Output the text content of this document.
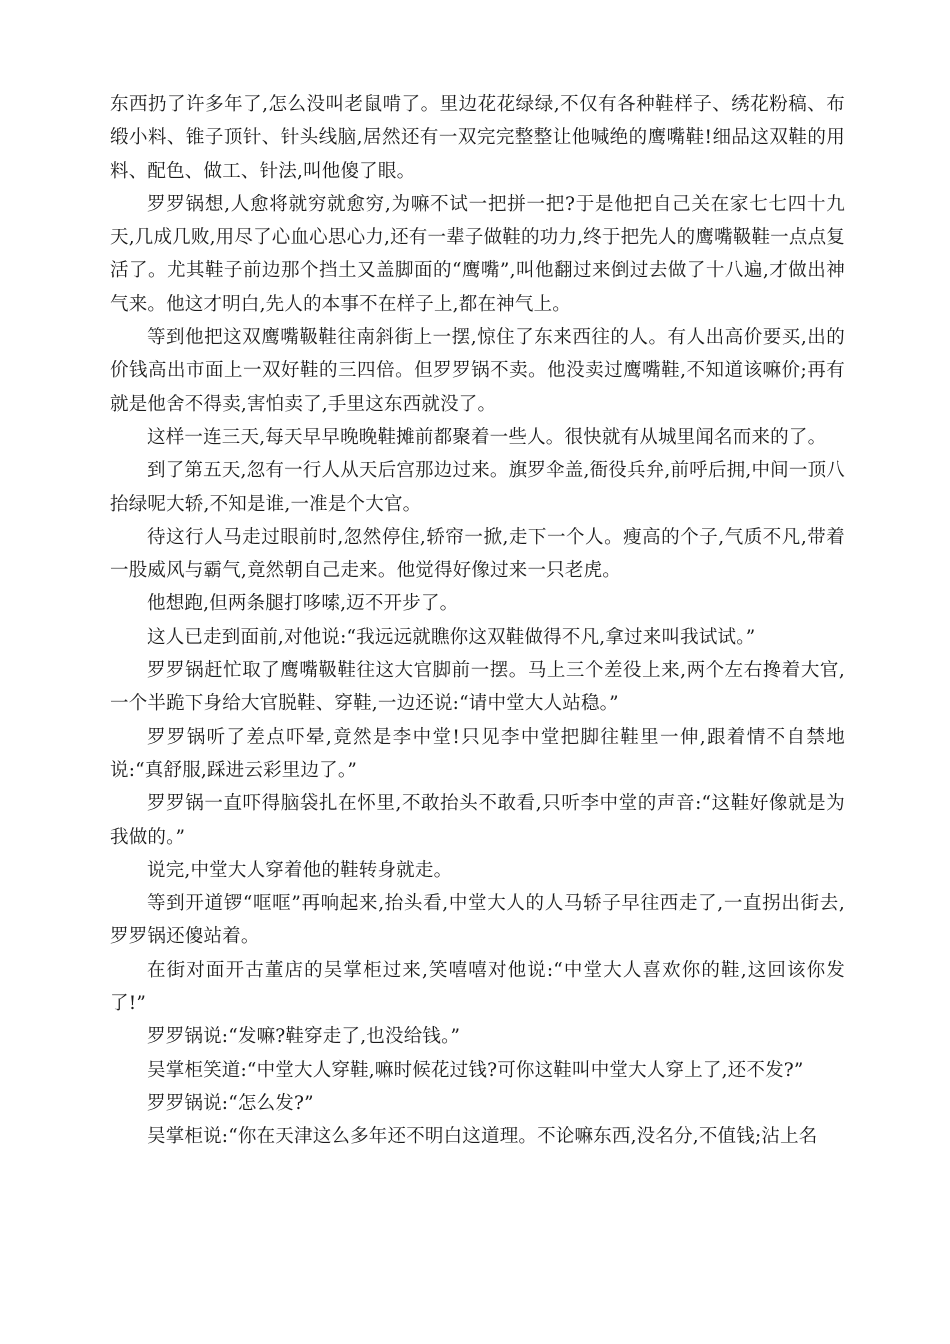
东西扔了许多年了,怎么没叫老鼠啃了。里边花花绿绿,不仅有各种鞋样子、绣花粉稿、布缎小料、锥子顶针、针头线脑,居然还有一双完完整整让他喊绝的鹰嘴鞋!细品这双鞋的用料、配色、做工、针法,叫他傻了眼。

罗罗锅想,人愈将就穷就愈穷,为嘛不试一把拼一把?于是他把自己关在家七七四十九天,几成几败,用尽了心血心思心力,还有一辈子做鞋的功力,终于把先人的鹰嘴靸鞋一点点复活了。尤其鞋子前边那个挡土又盖脚面的“鹰嘴”,叫他翻过来倒过去做了十八遍,才做出神气来。他这才明白,先人的本事不在样子上,都在神气上。

等到他把这双鹰嘴靸鞋往南斜街上一摆,惊住了东来西往的人。有人出高价要买,出的价钱高出市面上一双好鞋的三四倍。但罗罗锅不卖。他没卖过鹰嘴鞋,不知道该嘛价;再有就是他舍不得卖,害怕卖了,手里这东西就没了。

这样一连三天,每天早早晚晚鞋摊前都聚着一些人。很快就有从城里闻名而来的了。

到了第五天,忽有一行人从天后宫那边过来。旗罗伞盖,衙役兵弁,前呼后拥,中间一顶八抬绿呢大轿,不知是谁,一准是个大官。

待这行人马走过眼前时,忽然停住,轿帘一掀,走下一个人。瘦高的个子,气质不凡,带着一股威风与霸气,竟然朝自己走来。他觉得好像过来一只老虎。

他想跑,但两条腿打哆嗦,迈不开步了。

这人已走到面前,对他说:“我远远就瞧你这双鞋做得不凡,拿过来叫我试试。”

罗罗锅赶忙取了鹰嘴靸鞋往这大官脚前一摆。马上三个差役上来,两个左右搀着大官,一个半跪下身给大官脱鞋、穿鞋,一边还说:“请中堂大人站稳。”

罗罗锅听了差点吓晕,竟然是李中堂!只见李中堂把脚往鞋里一伸,跟着情不自禁地说:“真舒服,踩进云彩里边了。”

罗罗锅一直吓得脑袋扎在怀里,不敢抬头不敢看,只听李中堂的声音:“这鞋好像就是为我做的。”

说完,中堂大人穿着他的鞋转身就走。

等到开道锣“哐哐”再响起来,抬头看,中堂大人的人马轿子早往西走了,一直拐出街去,罗罗锅还傻站着。

在街对面开古董店的吴掌柜过来,笑嘻嘻对他说:“中堂大人喜欢你的鞋,这回该你发了!”

罗罗锅说:“发嘛?鞋穿走了,也没给钱。”

吴掌柜笑道:“中堂大人穿鞋,嘛时候花过钱?可你这鞋叫中堂大人穿上了,还不发?”

罗罗锅说:“怎么发?”

吴掌柜说:“你在天津这么多年还不明白这道理。不论嘛东西,没名分,不值钱;沾上名
